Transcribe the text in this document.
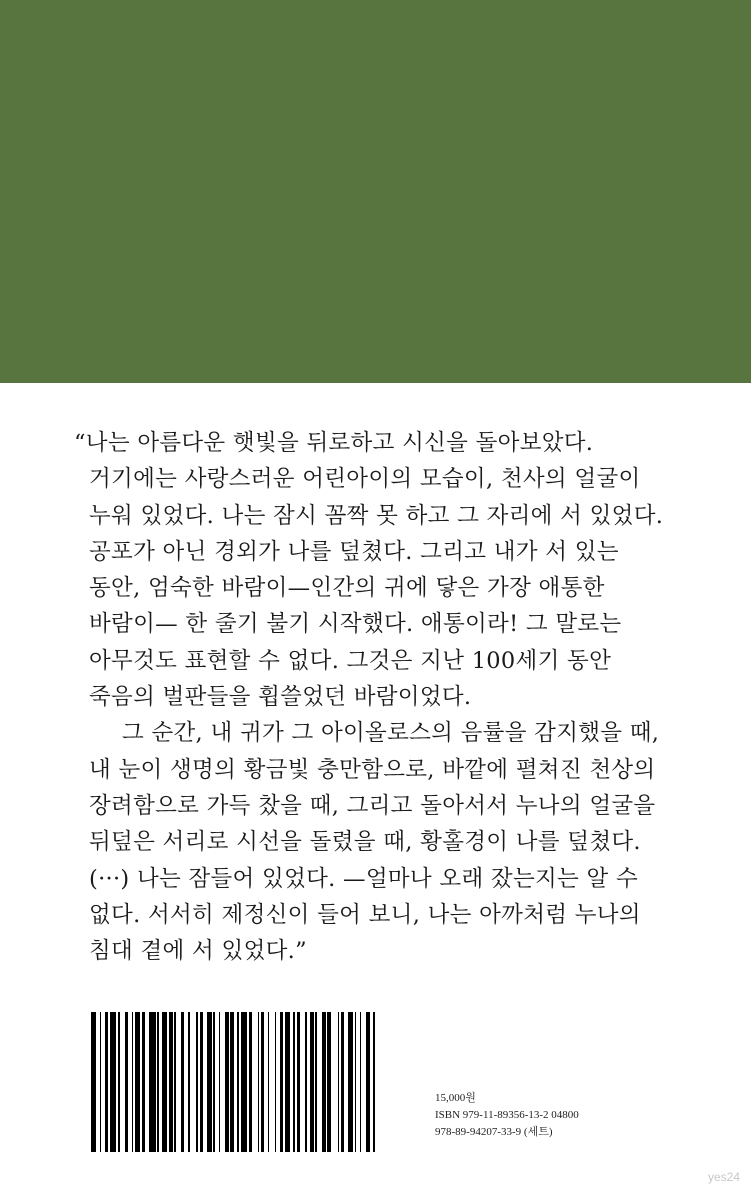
“나는 아름다운 햇빛을 뒤로하고 시신을 돌아보았다.
거기에는 사랑스러운 어린아이의 모습이, 천사의 얼굴이
누워 있었다. 나는 잠시 꼼짝 못 하고 그 자리에 서 있었다.
공포가 아닌 경외가 나를 덮쳤다. 그리고 내가 서 있는
동안, 엄숙한 바람이—인간의 귀에 닿은 가장 애통한
바람이— 한 줄기 불기 시작했다. 애통이라! 그 말로는
아무것도 표현할 수 없다. 그것은 지난 100세기 동안
죽음의 벌판들을 휩쓸었던 바람이었다.
그 순간, 내 귀가 그 아이올로스의 음률을 감지했을 때,
내 눈이 생명의 황금빛 충만함으로, 바깥에 펼쳐진 천상의
장려함으로 가득 찼을 때, 그리고 돌아서서 누나의 얼굴을
뒤덮은 서리로 시선을 돌렸을 때, 황홀경이 나를 덮쳤다.
(···) 나는 잠들어 있었다. —얼마나 오래 잤는지는 알 수
없다. 서서히 제정신이 들어 보니, 나는 아까처럼 누나의
침대 곁에 서 있었다.”
15,000원
ISBN 979-11-89356-13-2 04800
978-89-94207-33-9 (세트)
yes24
